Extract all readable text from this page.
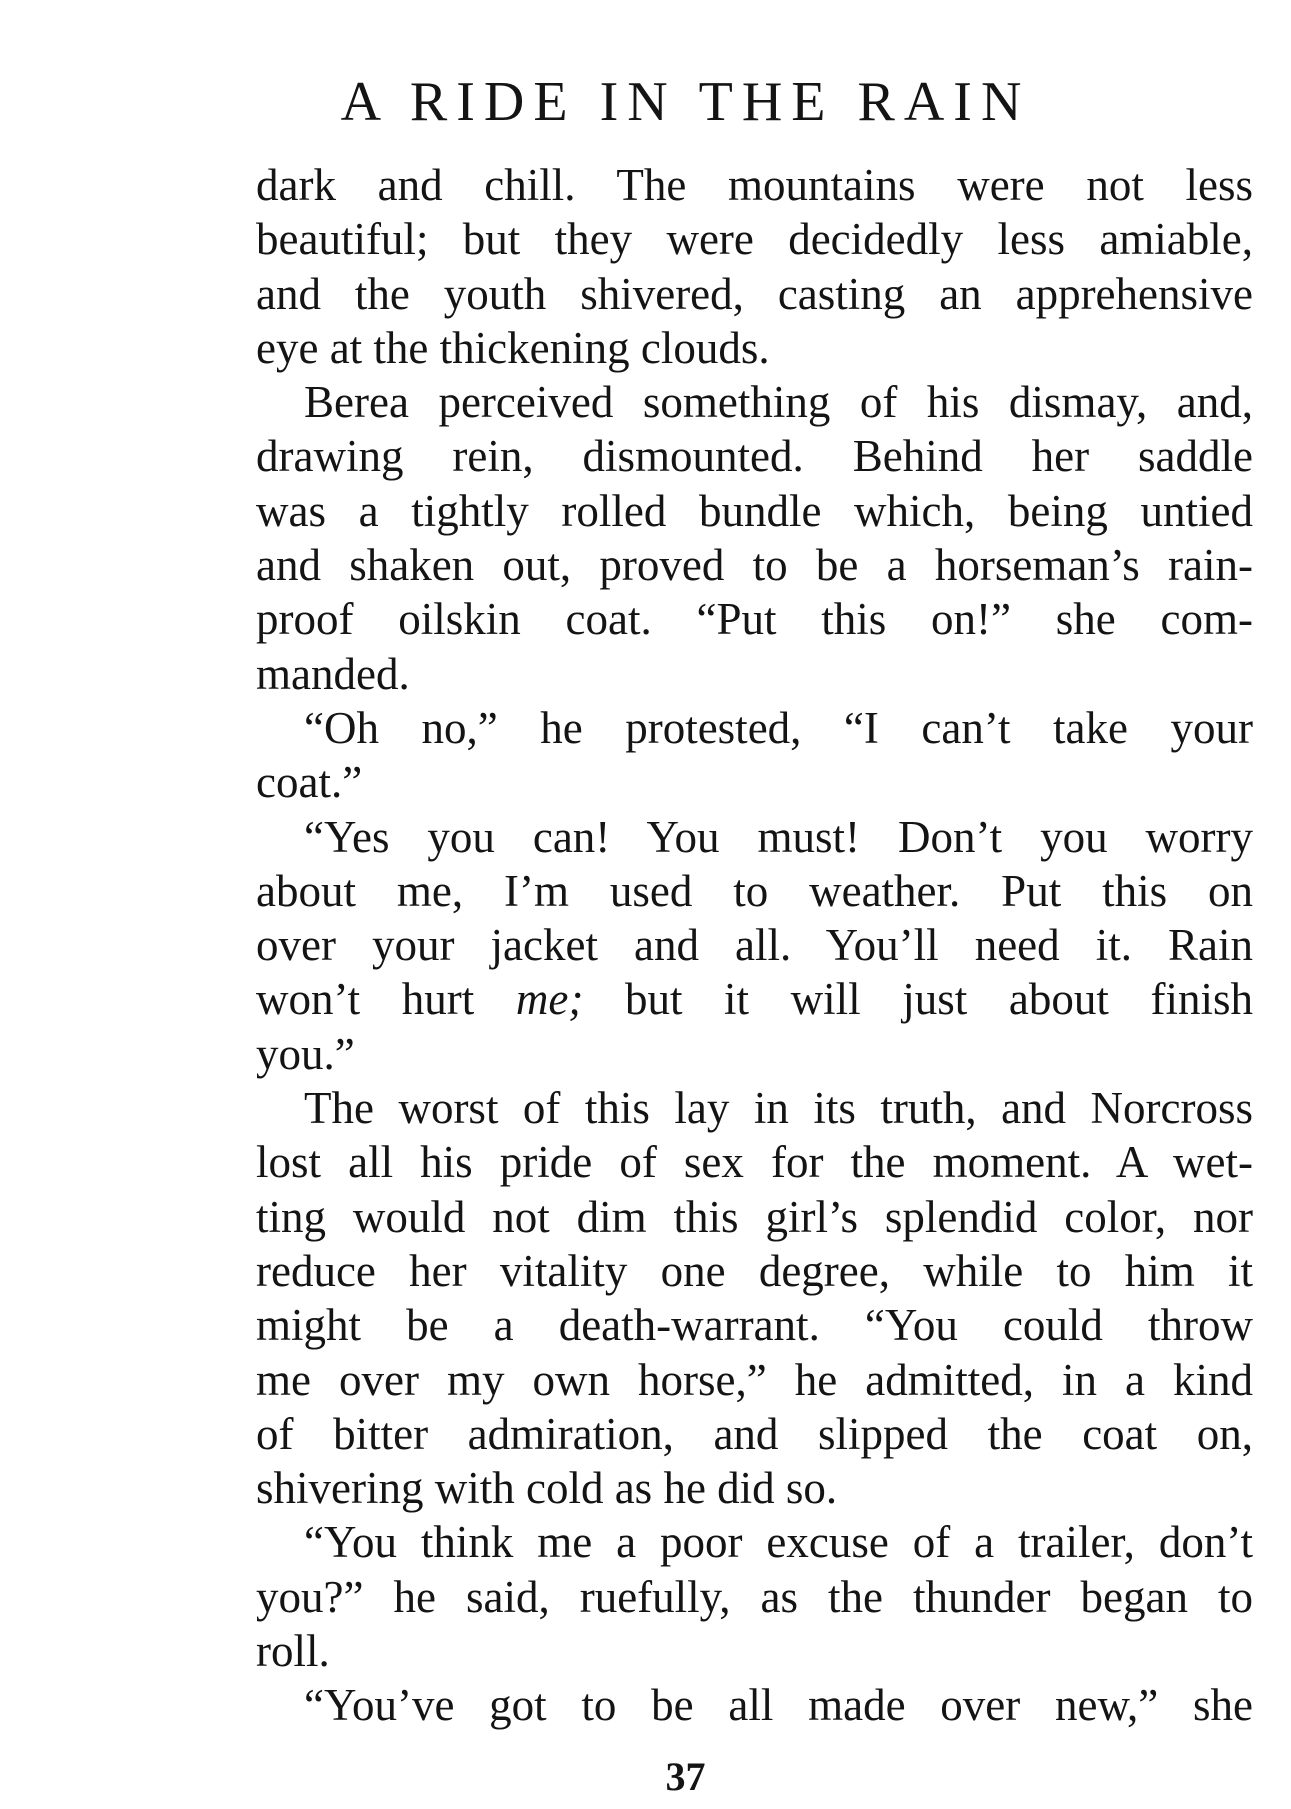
A RIDE IN THE RAIN
dark and chill. The mountains were not less
beautiful; but they were decidedly less amiable,
and the youth shivered, casting an apprehensive
eye at the thickening clouds.
Berea perceived something of his dismay, and,
drawing rein, dismounted. Behind her saddle
was a tightly rolled bundle which, being untied
and shaken out, proved to be a horseman’s rain-
proof oilskin coat. “Put this on!” she com-
manded.
“Oh no,” he protested, “I can’t take your
coat.”
“Yes you can! You must! Don’t you worry
about me, I’m used to weather. Put this on
over your jacket and all. You’ll need it. Rain
won’t hurt me; but it will just about finish
you.”
The worst of this lay in its truth, and Norcross
lost all his pride of sex for the moment. A wet-
ting would not dim this girl’s splendid color, nor
reduce her vitality one degree, while to him it
might be a death-warrant. “You could throw
me over my own horse,” he admitted, in a kind
of bitter admiration, and slipped the coat on,
shivering with cold as he did so.
“You think me a poor excuse of a trailer, don’t
you?” he said, ruefully, as the thunder began to
roll.
“You’ve got to be all made over new,” she
37
